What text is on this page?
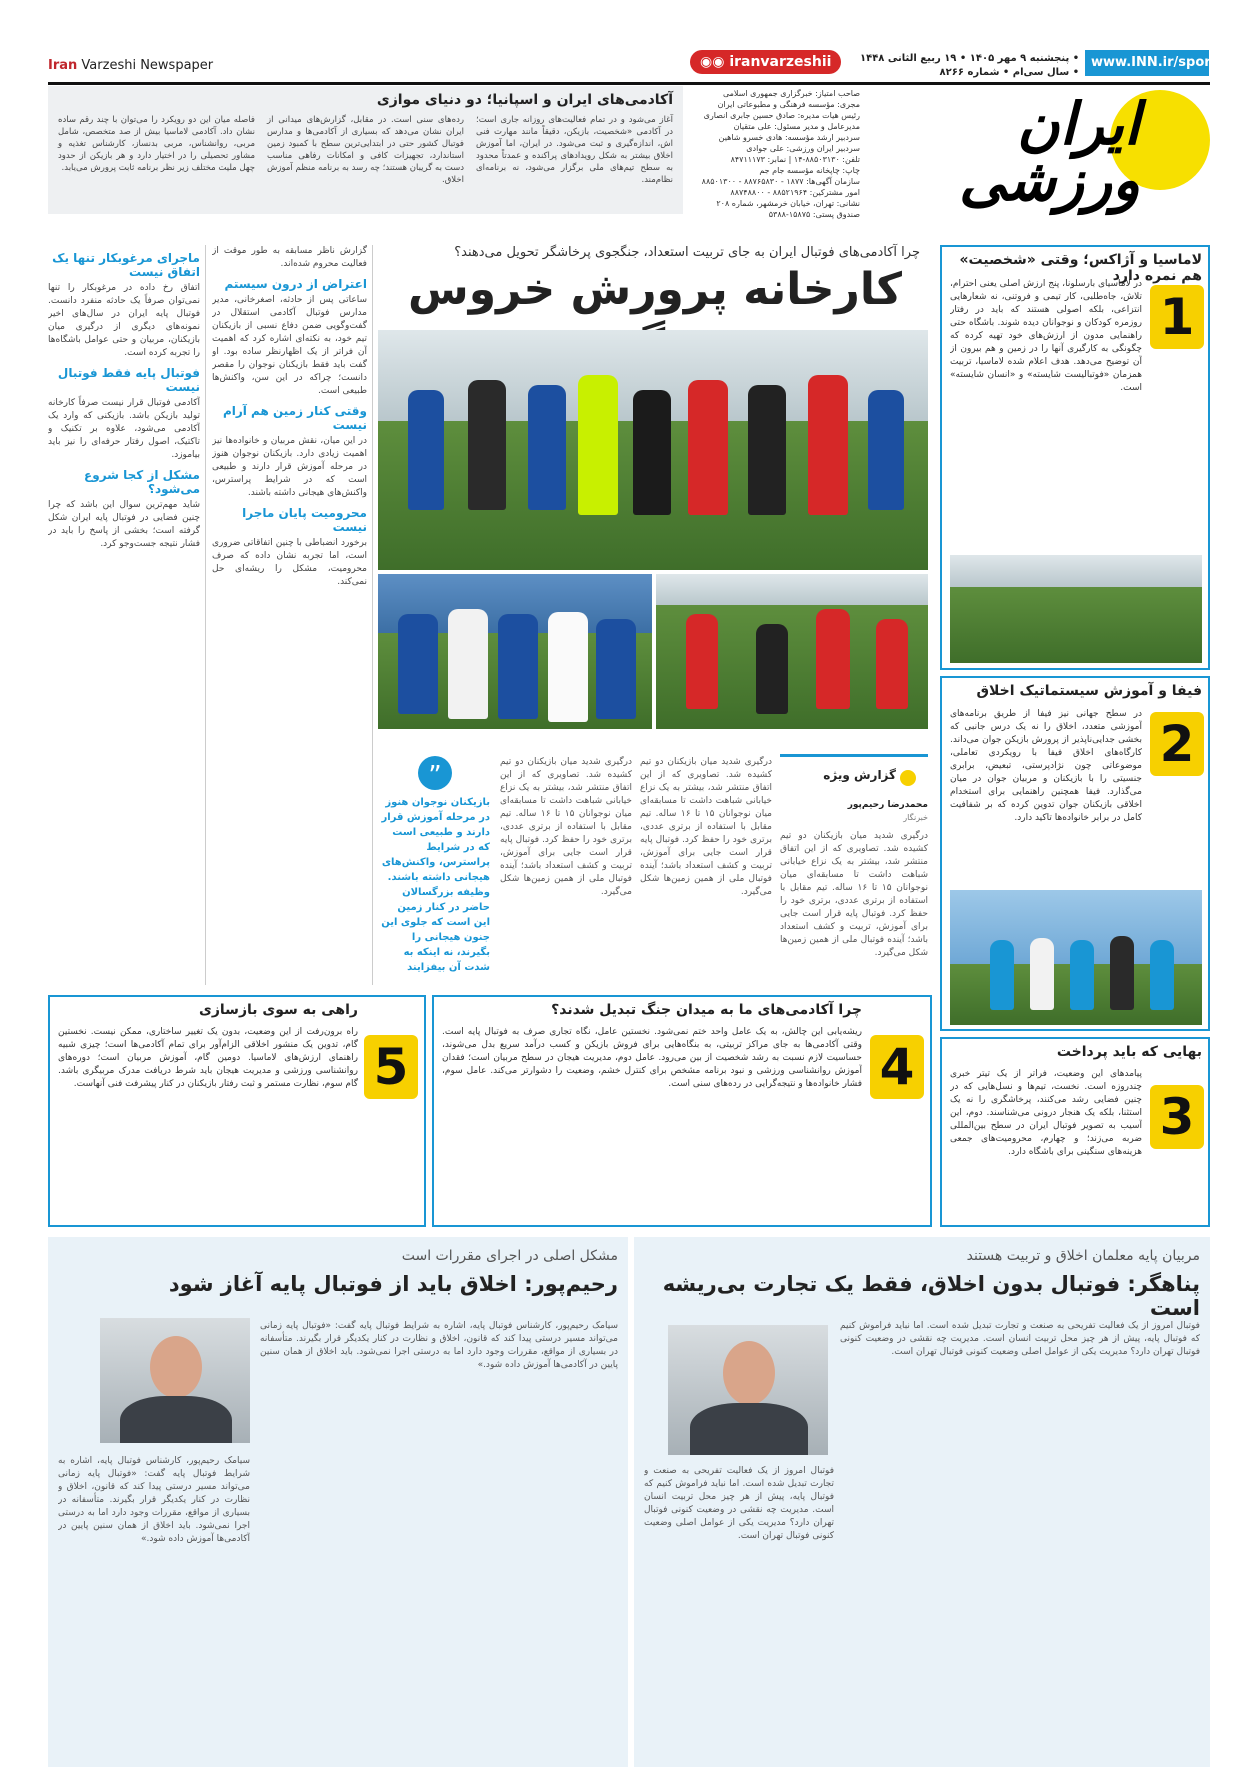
Iran Varzeshi Newspaper	◉◉ iranvarzeshii	• پنجشنبه ۹ مهر ۱۴۰۵ • ۱۹ ربیع الثانی ۱۴۴۸
• سال سی‌ام • شماره ۸۲۶۶
www.INN.ir/sport
ایران
ورزشی
صاحب امتیاز: خبرگزاری جمهوری اسلامی
مجری: مؤسسه فرهنگی و مطبوعاتی ایران
رئیس هیات مدیره: صادق حسین جابری انصاری
مدیرعامل و مدیر مسئول: علی متقیان
سردبیر ارشد مؤسسه: هادی خسرو شاهین
سردبیر ایران ورزشی: علی جوادی
تلفن: ۸۸۵۰۳۱۳۰-۱۴ | نمابر: ۸۴۷۱۱۱۷۳
چاپ: چاپخانه مؤسسه جام جم
سازمان آگهی‌ها: ۱۸۷۷ - ۸۸۷۶۵۸۳۰ - ۸۸۵۰۱۳۰۰
امور مشترکین: ۸۸۵۲۱۹۶۴ - ۸۸۷۴۸۸۰۰
نشانی: تهران، خیابان خرمشهر، شماره ۲۰۸
صندوق پستی: ۱۵۸۷۵-۵۳۸۸
آکادمی‌های ایران و اسپانیا؛ دو دنیای موازی

فاصله میان این دو رویکرد را می‌توان با چند رقم ساده نشان داد. آکادمی لاماسیا بیش از صد متخصص، شامل مربی، روانشناس، مربی بدنساز، کارشناس تغذیه و مشاور تحصیلی را در اختیار دارد و هر بازیکن از حدود چهل ملیت مختلف زیر نظر برنامه ثابت پرورش می‌یابد.

رده‌های سنی است. در مقابل، گزارش‌های میدانی از ایران نشان می‌دهد که بسیاری از آکادمی‌ها و مدارس فوتبال کشور حتی در ابتدایی‌ترین سطح با کمبود زمین استاندارد، تجهیزات کافی و امکانات رفاهی مناسب دست به گریبان هستند؛ چه رسد به برنامه منظم آموزش اخلاق.

آغاز می‌شود و در تمام فعالیت‌های روزانه جاری است؛ در آکادمی «شخصیت، بازیکن، دقیقاً مانند مهارت فنی اش، اندازه‌گیری و ثبت می‌شود. در ایران، اما آموزش اخلاق بیشتر به شکل رویدادهای پراکنده و عمدتاً محدود به سطح تیم‌های ملی برگزار می‌شود، نه برنامه‌ای نظام‌مند.

چرا آکادمی‌های فوتبال ایران به جای تربیت استعداد، جنگجوی پرخاشگر تحویل می‌دهند؟
کارخانه پرورش خروس
گزارش ویژه
محمدرضا رحیم‌پور
خبرنگار
درگیری شدید میان بازیکنان دو تیم کشیده شد. تصاویری که از این اتفاق منتشر شد، بیشتر به یک نزاع خیابانی شباهت داشت تا مسابقه‌ای میان نوجوانان ۱۵ تا ۱۶ ساله. تیم مقابل با استفاده از برتری عددی، برتری خود را حفظ کرد. فوتبال پایه قرار است جایی برای آموزش، تربیت و کشف استعداد باشد؛ آینده فوتبال ملی از همین زمین‌ها شکل می‌گیرد.
درگیری شدید میان بازیکنان دو تیم کشیده شد. تصاویری که از این اتفاق منتشر شد، بیشتر به یک نزاع خیابانی شباهت داشت تا مسابقه‌ای میان نوجوانان ۱۵ تا ۱۶ ساله. تیم مقابل با استفاده از برتری عددی، برتری خود را حفظ کرد. فوتبال پایه قرار است جایی برای آموزش، تربیت و کشف استعداد باشد؛ آینده فوتبال ملی از همین زمین‌ها شکل می‌گیرد.
درگیری شدید میان بازیکنان دو تیم کشیده شد. تصاویری که از این اتفاق منتشر شد، بیشتر به یک نزاع خیابانی شباهت داشت تا مسابقه‌ای میان نوجوانان ۱۵ تا ۱۶ ساله. تیم مقابل با استفاده از برتری عددی، برتری خود را حفظ کرد. فوتبال پایه قرار است جایی برای آموزش، تربیت و کشف استعداد باشد؛ آینده فوتبال ملی از همین زمین‌ها شکل می‌گیرد.
”
بازیکنان نوجوان هنوز در مرحله آموزش قرار دارند و طبیعی است که در شرایط پراسترس، واکنش‌های هیجانی داشته باشند. وظیفه بزرگسالان حاضر در کنار زمین این است که جلوی این جنون هیجانی را بگیرند، نه اینکه به شدت آن بیفزایند
گزارش ناظر مسابقه به طور موقت از فعالیت محروم شده‌اند.
اعتراض از درون سیستم
ساعاتی پس از حادثه، اصغرخانی، مدیر مدارس فوتبال آکادمی استقلال در گفت‌وگویی ضمن دفاع نسبی از بازیکنان تیم خود، به نکته‌ای اشاره کرد که اهمیت آن فراتر از یک اظهارنظر ساده بود. او گفت باید فقط بازیکنان نوجوان را مقصر دانست؛ چراکه در این سن، واکنش‌ها طبیعی است.
وقتی کنار زمین هم آرام نیست
در این میان، نقش مربیان و خانواده‌ها نیز اهمیت زیادی دارد. بازیکنان نوجوان هنوز در مرحله آموزش قرار دارند و طبیعی است که در شرایط پراسترس، واکنش‌های هیجانی داشته باشند.
محرومیت پایان ماجرا نیست
برخورد انضباطی با چنین اتفاقاتی ضروری است، اما تجربه نشان داده که صرف محرومیت، مشکل را ریشه‌ای حل نمی‌کند.
ماجرای مرغوبکار تنها یک اتفاق نیست
اتفاق رخ داده در مرغوبکار را تنها نمی‌توان صرفاً یک حادثه منفرد دانست. فوتبال پایه ایران در سال‌های اخیر نمونه‌های دیگری از درگیری میان بازیکنان، مربیان و حتی عوامل باشگاه‌ها را تجربه کرده است.
فوتبال پایه فقط فوتبال نیست
آکادمی فوتبال قرار نیست صرفاً کارخانه تولید بازیکن باشد. بازیکنی که وارد یک آکادمی می‌شود، علاوه بر تکنیک و تاکتیک، اصول رفتار حرفه‌ای را نیز باید بیاموزد.
مشکل از کجا شروع می‌شود؟
شاید مهم‌ترین سوال این باشد که چرا چنین فضایی در فوتبال پایه ایران شکل گرفته است؛ بخشی از پاسخ را باید در فشار نتیجه جست‌وجو کرد.
1
لاماسیا و آژاکس؛ وقتی «شخصیت» هم نمره دارد
در لاماسیای بارسلونا، پنج ارزش اصلی یعنی احترام، تلاش، جاه‌طلبی، کار تیمی و فروتنی، نه شعارهایی انتزاعی، بلکه اصولی هستند که باید در رفتار روزمره کودکان و نوجوانان دیده شوند. باشگاه حتی راهنمایی مدون از ارزش‌های خود تهیه کرده که چگونگی به کارگیری آنها را در زمین و هم بیرون از آن توضیح می‌دهد. هدف اعلام شده لاماسیا، تربیت همزمان «فوتبالیست شایسته» و «انسان شایسته» است.
2
فیفا و آموزش سیستماتیک اخلاق
در سطح جهانی نیز فیفا از طریق برنامه‌های آموزشی متعدد، اخلاق را نه یک درس جانبی که بخشی جدایی‌ناپذیر از پرورش بازیکن جوان می‌داند. کارگاه‌های اخلاق فیفا با رویکردی تعاملی، موضوعاتی چون نژادپرستی، تبعیض، برابری جنسیتی را با بازیکنان و مربیان جوان در میان می‌گذارد. فیفا همچنین راهنمایی برای استخدام اخلاقی بازیکنان جوان تدوین کرده که بر شفافیت کامل در برابر خانواده‌ها تاکید دارد.
3
بهایی که باید پرداخت
پیامدهای این وضعیت، فراتر از یک تیتر خبری چندروزه است. نخست، تیم‌ها و نسل‌هایی که در چنین فضایی رشد می‌کنند، پرخاشگری را نه یک استثنا، بلکه یک هنجار درونی می‌شناسند. دوم، این آسیب به تصویر فوتبال ایران در سطح بین‌المللی ضربه می‌زند؛ و چهارم، محرومیت‌های جمعی هزینه‌های سنگینی برای باشگاه دارد.
4
چرا آکادمی‌های ما به میدان جنگ تبدیل شدند؟
ریشه‌یابی این چالش، به یک عامل واحد ختم نمی‌شود. نخستین عامل، نگاه تجاری صرف به فوتبال پایه است. وقتی آکادمی‌ها به جای مراکز تربیتی، به بنگاه‌هایی برای فروش بازیکن و کسب درآمد سریع بدل می‌شوند، حساسیت لازم نسبت به رشد شخصیت از بین می‌رود. عامل دوم، مدیریت هیجان در سطح مربیان است؛ فقدان آموزش روانشناسی ورزشی و نبود برنامه مشخص برای کنترل خشم، وضعیت را دشوارتر می‌کند. عامل سوم، فشار خانواده‌ها و نتیجه‌گرایی در رده‌های سنی است.
5
راهی به سوی بازسازی
راه برون‌رفت از این وضعیت، بدون یک تغییر ساختاری، ممکن نیست. نخستین گام، تدوین یک منشور اخلاقی الزام‌آور برای تمام آکادمی‌ها است؛ چیزی شبیه راهنمای ارزش‌های لاماسیا. دومین گام، آموزش مربیان است؛ دوره‌های روانشناسی ورزشی و مدیریت هیجان باید شرط دریافت مدرک مربیگری باشد. گام سوم، نظارت مستمر و ثبت رفتار بازیکنان در کنار پیشرفت فنی آنهاست.
مشکل اصلی در اجرای مقررات است
رحیم‌پور: اخلاق باید از فوتبال پایه آغاز شود
سیامک رحیم‌پور، کارشناس فوتبال پایه، اشاره به شرایط فوتبال پایه گفت: «فوتبال پایه زمانی می‌تواند مسیر درستی پیدا کند که قانون، اخلاق و نظارت در کنار یکدیگر قرار بگیرند. متأسفانه در بسیاری از مواقع، مقررات وجود دارد اما به درستی اجرا نمی‌شود. باید اخلاق از همان سنین پایین در آکادمی‌ها آموزش داده شود.»
سیامک رحیم‌پور، کارشناس فوتبال پایه، اشاره به شرایط فوتبال پایه گفت: «فوتبال پایه زمانی می‌تواند مسیر درستی پیدا کند که قانون، اخلاق و نظارت در کنار یکدیگر قرار بگیرند. متأسفانه در بسیاری از مواقع، مقررات وجود دارد اما به درستی اجرا نمی‌شود. باید اخلاق از همان سنین پایین در آکادمی‌ها آموزش داده شود.»
مربیان پایه معلمان اخلاق و تربیت هستند
پناهگر: فوتبال بدون اخلاق، فقط یک تجارت بی‌ریشه است
فوتبال امروز از یک فعالیت تفریحی به صنعت و تجارت تبدیل شده است. اما نباید فراموش کنیم که فوتبال پایه، پیش از هر چیز محل تربیت انسان است. مدیریت چه نقشی در وضعیت کنونی فوتبال تهران دارد؟ مدیریت یکی از عوامل اصلی وضعیت کنونی فوتبال تهران است.
فوتبال امروز از یک فعالیت تفریحی به صنعت و تجارت تبدیل شده است. اما نباید فراموش کنیم که فوتبال پایه، پیش از هر چیز محل تربیت انسان است. مدیریت چه نقشی در وضعیت کنونی فوتبال تهران دارد؟ مدیریت یکی از عوامل اصلی وضعیت کنونی فوتبال تهران است.
